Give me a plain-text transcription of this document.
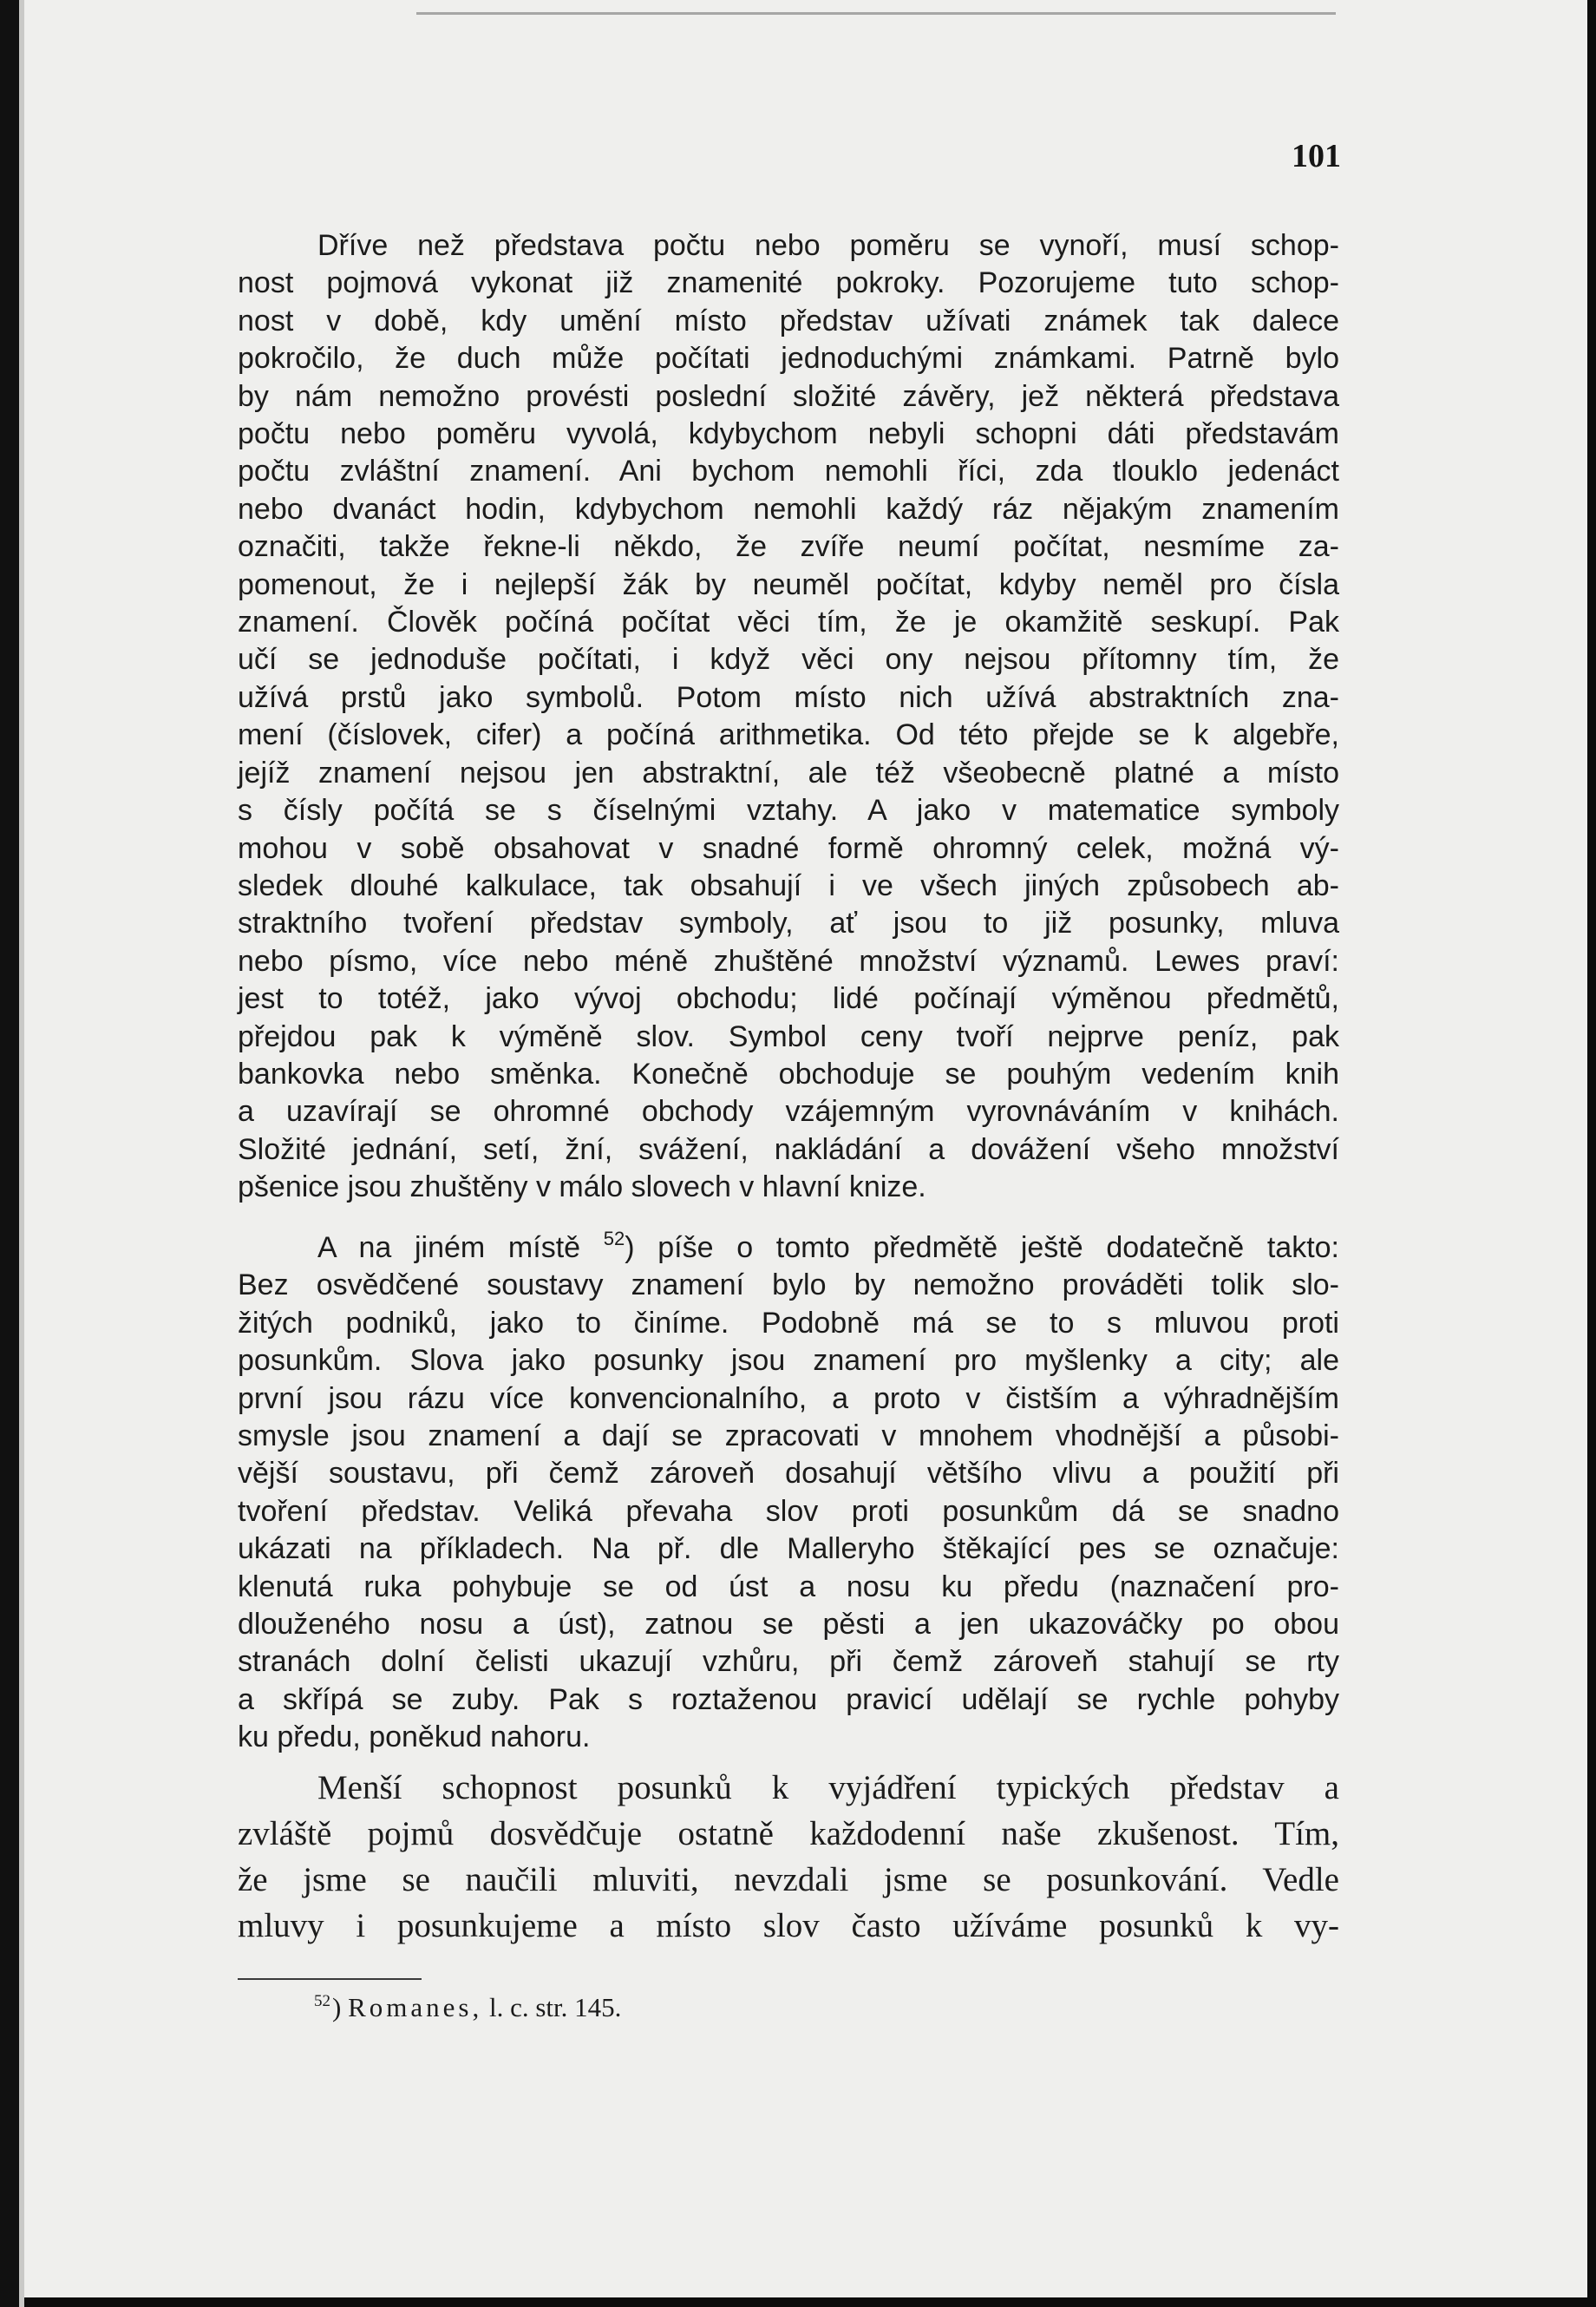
101
Dříve než představa počtu nebo poměru se vynoří, musí schop-
nost pojmová vykonat již znamenité pokroky. Pozorujeme tuto schop-
nost v době, kdy umění místo představ užívati známek tak dalece
pokročilo, že duch může počítati jednoduchými známkami. Patrně bylo
by nám nemožno provésti poslední složité závěry, jež některá představa
počtu nebo poměru vyvolá, kdybychom nebyli schopni dáti představám
počtu zvláštní znamení. Ani bychom nemohli říci, zda tlouklo jedenáct
nebo dvanáct hodin, kdybychom nemohli každý ráz nějakým znamením
označiti, takže řekne-li někdo, že zvíře neumí počítat, nesmíme za-
pomenout, že i nejlepší žák by neuměl počítat, kdyby neměl pro čísla
znamení. Člověk počíná počítat věci tím, že je okamžitě seskupí. Pak
učí se jednoduše počítati, i když věci ony nejsou přítomny tím, že
užívá prstů jako symbolů. Potom místo nich užívá abstraktních zna-
mení (číslovek, cifer) a počíná arithmetika. Od této přejde se k algebře,
jejíž znamení nejsou jen abstraktní, ale též všeobecně platné a místo
s čísly počítá se s číselnými vztahy. A jako v matematice symboly
mohou v sobě obsahovat v snadné formě ohromný celek, možná vý-
sledek dlouhé kalkulace, tak obsahují i ve všech jiných způsobech ab-
straktního tvoření představ symboly, ať jsou to již posunky, mluva
nebo písmo, více nebo méně zhuštěné množství významů. Lewes praví:
jest to totéž, jako vývoj obchodu; lidé počínají výměnou předmětů,
přejdou pak k výměně slov. Symbol ceny tvoří nejprve peníz, pak
bankovka nebo směnka. Konečně obchoduje se pouhým vedením knih
a uzavírají se ohromné obchody vzájemným vyrovnáváním v knihách.
Složité jednání, setí, žní, svážení, nakládání a dovážení všeho množství
pšenice jsou zhuštěny v málo slovech v hlavní knize.
A na jiném místě $^{52}$) píše o tomto předmětě ještě dodatečně takto:
Bez osvědčené soustavy znamení bylo by nemožno prováděti tolik slo-
žitých podniků, jako to činíme. Podobně má se to s mluvou proti
posunkům. Slova jako posunky jsou znamení pro myšlenky a city; ale
první jsou rázu více konvencionalního, a proto v čistším a výhradnějším
smysle jsou znamení a dají se zpracovati v mnohem vhodnější a působi-
vější soustavu, při čemž zároveň dosahují většího vlivu a použití při
tvoření představ. Veliká převaha slov proti posunkům dá se snadno
ukázati na příkladech. Na př. dle Malleryho štěkající pes se označuje:
klenutá ruka pohybuje se od úst a nosu ku předu (naznačení pro-
dlouženého nosu a úst), zatnou se pěsti a jen ukazováčky po obou
stranách dolní čelisti ukazují vzhůru, při čemž zároveň stahují se rty
a skřípá se zuby. Pak s roztaženou pravicí udělají se rychle pohyby
ku předu, poněkud nahoru.
Menší schopnost posunků k vyjádření typických představ a
zvláště pojmů dosvědčuje ostatně každodenní naše zkušenost. Tím,
že jsme se naučili mluviti, nevzdali jsme se posunkování. Vedle
mluvy i posunkujeme a místo slov často užíváme posunků k vy-
$^{52}$) Romanes, l. c. str. 145.
